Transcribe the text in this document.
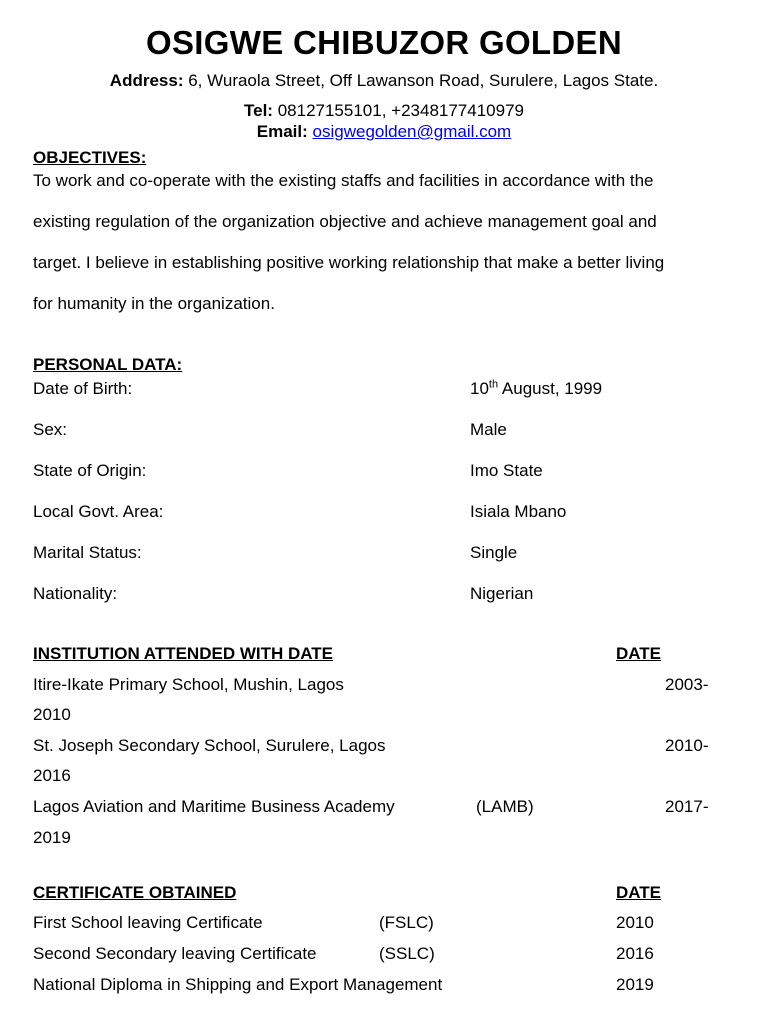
OSIGWE CHIBUZOR GOLDEN
Address: 6, Wuraola Street, Off Lawanson Road, Surulere, Lagos State.
Tel: 08127155101, +2348177410979
Email: osigwegolden@gmail.com
OBJECTIVES:
To work and co-operate with the existing staffs and facilities in accordance with the
existing regulation of the organization objective and achieve management goal and
target. I believe in establishing positive working relationship that make a better living
for humanity in the organization.
PERSONAL DATA:
Date of Birth:	10th August, 1999
Sex:	Male
State of Origin:	Imo State
Local Govt. Area:	Isiala Mbano
Marital Status:	Single
Nationality:	Nigerian
INSTITUTION ATTENDED WITH DATE	DATE
Itire-Ikate Primary School, Mushin, Lagos	2003-
2010
St. Joseph Secondary School, Surulere, Lagos	2010-
2016
Lagos Aviation and Maritime Business Academy	(LAMB)	2017-
2019
CERTIFICATE OBTAINED	DATE
First School leaving Certificate	(FSLC)	2010
Second Secondary leaving Certificate	(SSLC)	2016
National Diploma in Shipping and Export Management	2019
